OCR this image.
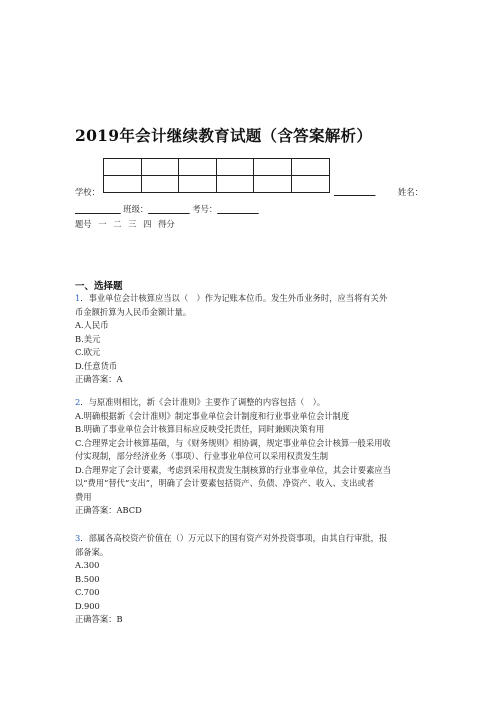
2019年会计继续教育试题（含答案解析）

学校：	__________	姓名：
___________ 班级：__________ 考号：__________
题号 一 二 三 四 得分
一、选择题
1．事业单位会计核算应当以（　）作为记账本位币。发生外币业务时，应当将有关外
币金额折算为人民币金额计量。
A.人民币
B.美元
C.欧元
D.任意货币
正确答案：A
2．与原准则相比，新《会计准则》主要作了调整的内容包括（　）。
A.明确根据新《会计准则》制定事业单位会计制度和行业事业单位会计制度
B.明确了事业单位会计核算目标应反映受托责任，同时兼顾决策有用
C.合理界定会计核算基础，与《财务规则》相协调，规定事业单位会计核算一般采用收
付实现制，部分经济业务（事项）、行业事业单位可以采用权责发生制
D.合理界定了会计要素，考虑到采用权责发生制核算的行业事业单位，其会计要素应当
以“费用”替代“支出”，明确了会计要素包括资产、负债、净资产、收入、支出或者
费用
正确答案：ABCD
3．部属各高校资产价值在（）万元以下的国有资产对外投资事项，由其自行审批，报
部备案。
A.300
B.500
C.700
D.900
正确答案：B
